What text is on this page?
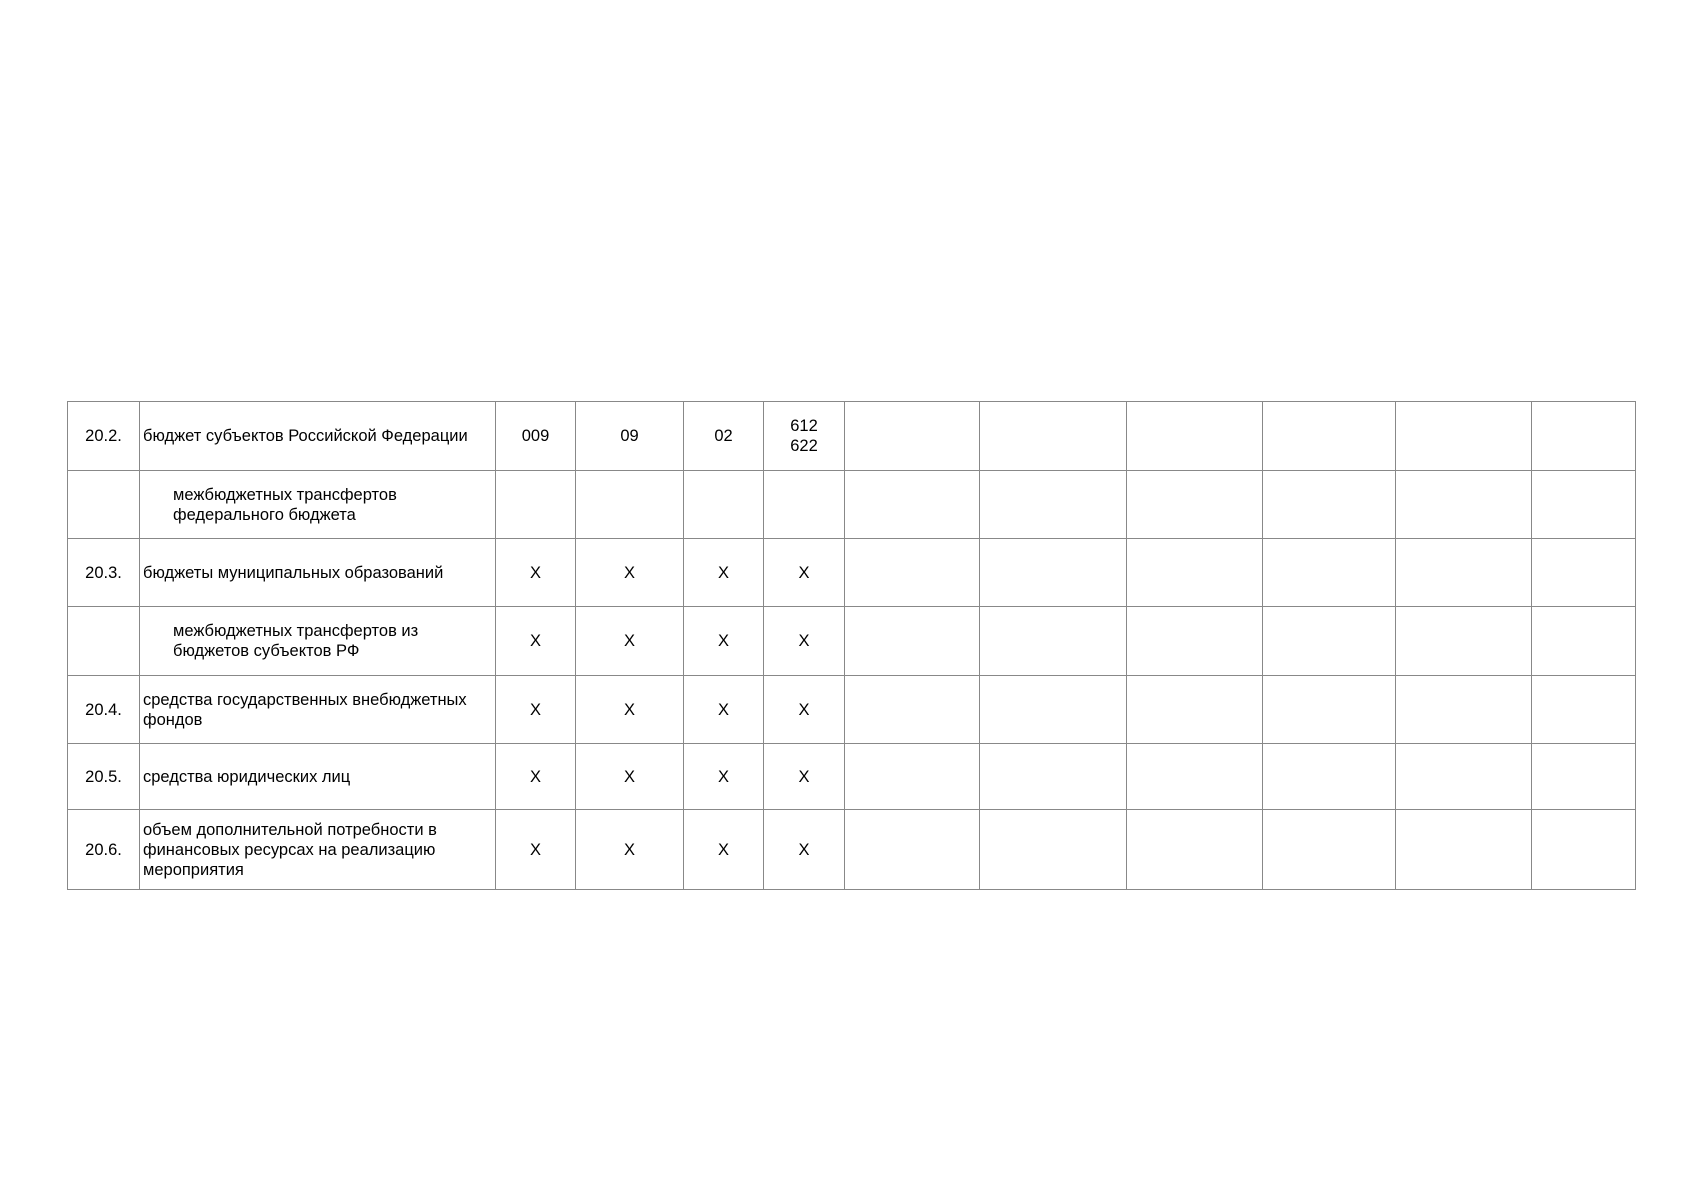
20.2.	бюджет субъектов Российской Федерации	009	09	02	612
622						
	межбюджетных трансфертов федерального бюджета										
20.3.	бюджеты муниципальных образований	X	X	X	X						
	межбюджетных трансфертов из бюджетов субъектов РФ	X	X	X	X						
20.4.	средства государственных внебюджетных фондов	X	X	X	X						
20.5.	средства юридических лиц	X	X	X	X						
20.6.	объем дополнительной потребности в финансовых ресурсах на реализацию мероприятия	X	X	X	X						
